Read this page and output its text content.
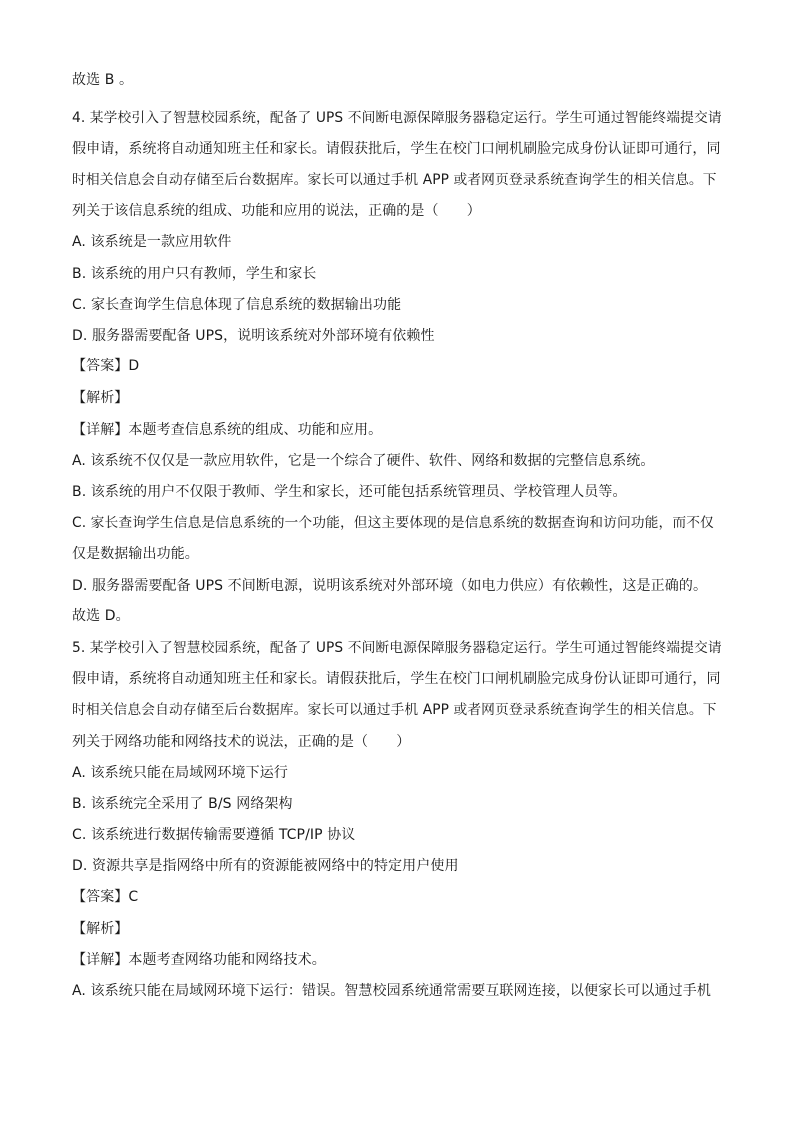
故选 B 。
4. 某学校引入了智慧校园系统，配备了 UPS 不间断电源保障服务器稳定运行。学生可通过智能终端提交请
假申请，系统将自动通知班主任和家长。请假获批后，学生在校门口闸机刷脸完成身份认证即可通行，同
时相关信息会自动存储至后台数据库。家长可以通过手机 APP 或者网页登录系统查询学生的相关信息。下
列关于该信息系统的组成、功能和应用的说法，正确的是（　　）
A. 该系统是一款应用软件
B. 该系统的用户只有教师，学生和家长
C. 家长查询学生信息体现了信息系统的数据输出功能
D. 服务器需要配备 UPS，说明该系统对外部环境有依赖性
【答案】D
【解析】
【详解】本题考查信息系统的组成、功能和应用。
A. 该系统不仅仅是一款应用软件，它是一个综合了硬件、软件、网络和数据的完整信息系统。
B. 该系统的用户不仅限于教师、学生和家长，还可能包括系统管理员、学校管理人员等。
C. 家长查询学生信息是信息系统的一个功能，但这主要体现的是信息系统的数据查询和访问功能，而不仅
仅是数据输出功能。
D. 服务器需要配备 UPS 不间断电源，说明该系统对外部环境（如电力供应）有依赖性，这是正确的。
故选 D。
5. 某学校引入了智慧校园系统，配备了 UPS 不间断电源保障服务器稳定运行。学生可通过智能终端提交请
假申请，系统将自动通知班主任和家长。请假获批后，学生在校门口闸机刷脸完成身份认证即可通行，同
时相关信息会自动存储至后台数据库。家长可以通过手机 APP 或者网页登录系统查询学生的相关信息。下
列关于网络功能和网络技术的说法，正确的是（　　）
A. 该系统只能在局域网环境下运行
B. 该系统完全采用了 B/S 网络架构
C. 该系统进行数据传输需要遵循 TCP/IP 协议
D. 资源共享是指网络中所有的资源能被网络中的特定用户使用
【答案】C
【解析】
【详解】本题考查网络功能和网络技术。
A. 该系统只能在局域网环境下运行：错误。智慧校园系统通常需要互联网连接，以便家长可以通过手机
